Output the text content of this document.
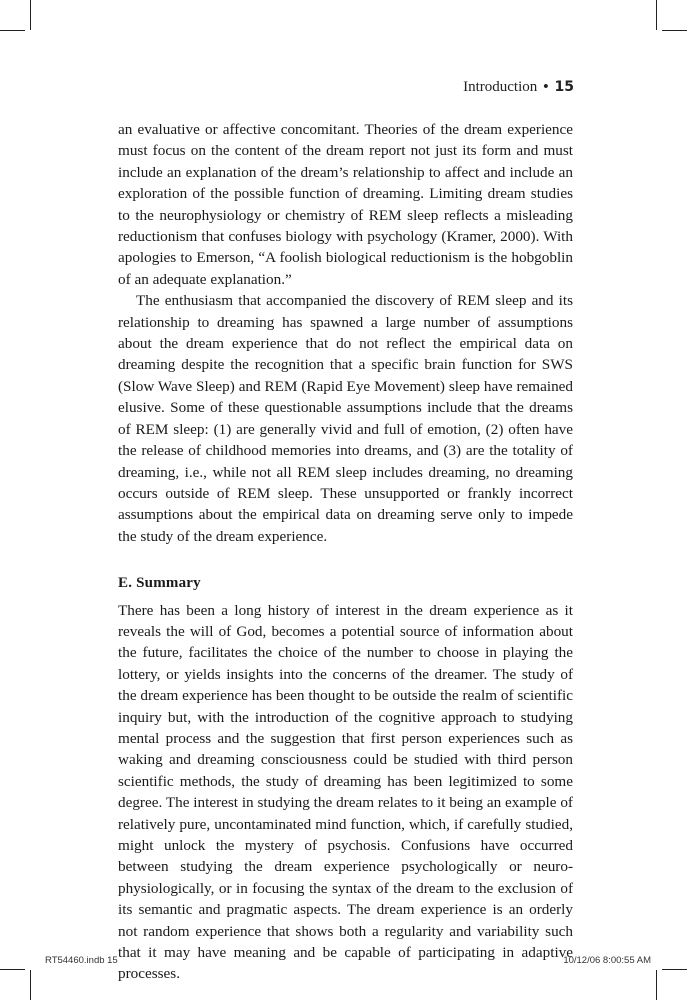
Introduction • 15

an evaluative or affective concomitant. Theories of the dream experience must focus on the content of the dream report not just its form and must include an explanation of the dream’s relationship to affect and include an exploration of the possible function of dreaming. Limiting dream studies to the neurophysiology or chemistry of REM sleep reflects a misleading reductionism that confuses biology with psychology (Kramer, 2000). With apologies to Emerson, “A foolish biological reductionism is the hobgoblin of an adequate explanation.”

The enthusiasm that accompanied the discovery of REM sleep and its relationship to dreaming has spawned a large number of assumptions about the dream experience that do not reflect the empirical data on dreaming despite the recognition that a specific brain function for SWS (Slow Wave Sleep) and REM (Rapid Eye Movement) sleep have remained elusive. Some of these questionable assumptions include that the dreams of REM sleep: (1) are generally vivid and full of emotion, (2) often have the release of childhood memories into dreams, and (3) are the totality of dreaming, i.e., while not all REM sleep includes dreaming, no dreaming occurs outside of REM sleep. These unsupported or frankly incorrect assumptions about the empirical data on dreaming serve only to impede the study of the dream experience.

E. Summary

There has been a long history of interest in the dream experience as it reveals the will of God, becomes a potential source of information about the future, facilitates the choice of the number to choose in playing the lottery, or yields insights into the concerns of the dreamer. The study of the dream experience has been thought to be outside the realm of scientific inquiry but, with the introduction of the cognitive approach to studying mental process and the suggestion that first person experiences such as waking and dreaming consciousness could be studied with third person scientific methods, the study of dreaming has been legitimized to some degree. The interest in studying the dream relates to it being an example of relatively pure, uncontaminated mind function, which, if carefully studied, might unlock the mystery of psychosis. Confusions have occurred between studying the dream experience psychologically or neuro-physiologically, or in focusing the syntax of the dream to the exclusion of its semantic and pragmatic aspects. The dream experience is an orderly not random experience that shows both a regularity and variability such that it may have meaning and be capable of participating in adaptive processes.

RT54460.indb 15	10/12/06 8:00:55 AM
